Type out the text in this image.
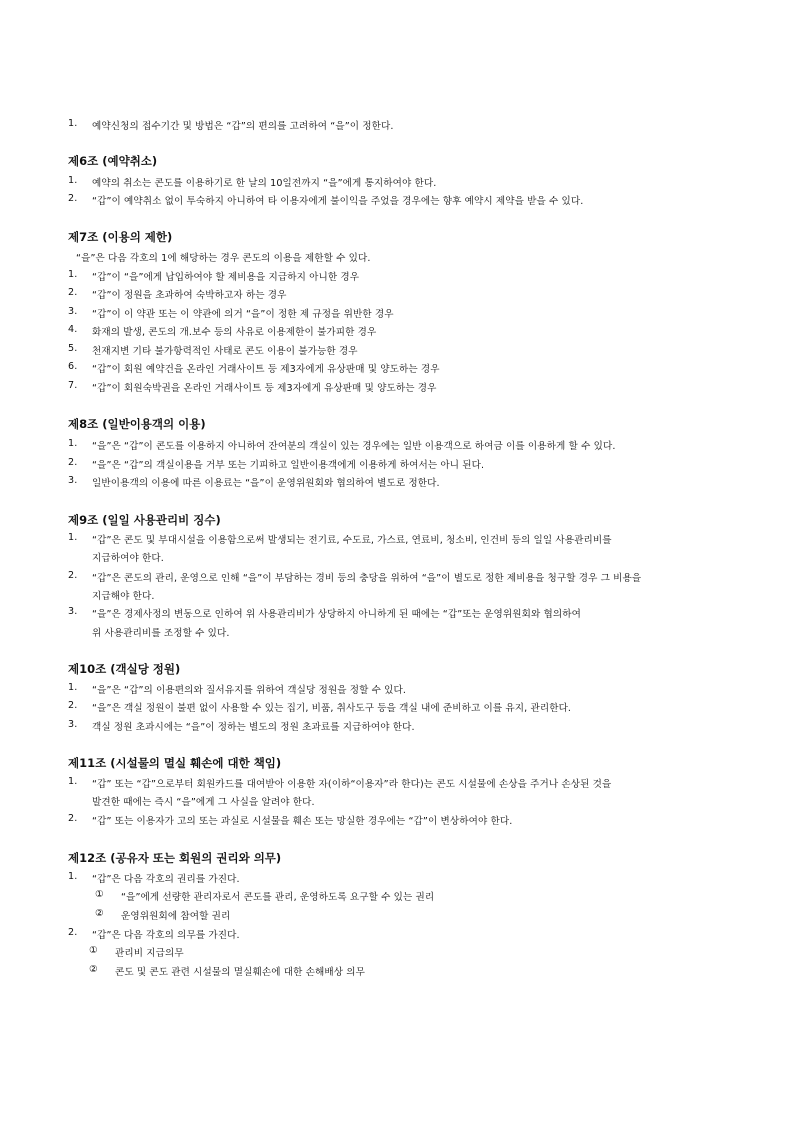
1. 예약신청의 접수기간 및 방법은 “갑”의 편의를 고려하여 “을”이 정한다.
제6조 (예약취소)
1. 예약의 취소는 콘도를 이용하기로 한 날의 10일전까지 “을”에게 통지하여야 한다.
2. “갑”이 예약취소 없이 투숙하지 아니하여 타 이용자에게 불이익을 주었을 경우에는 향후 예약시 제약을 받을 수 있다.
제7조 (이용의 제한)
“을”은 다음 각호의 1에 해당하는 경우 콘도의 이용을 제한할 수 있다.
1. “갑”이 “을”에게 납입하여야 할 제비용을 지급하지 아니한 경우
2. “갑”이 정원을 초과하여 숙박하고자 하는 경우
3. “갑”이 이 약관 또는 이 약관에 의거 “을”이 정한 제 규정을 위반한 경우
4. 화재의 발생, 콘도의 개.보수 등의 사유로 이용제한이 불가피한 경우
5. 천재지변 기타 불가항력적인 사태로 콘도 이용이 불가능한 경우
6. “갑”이 회원 예약건을 온라인 거래사이트 등 제3자에게 유상판매 및 양도하는 경우
7. “갑”이 회원숙박권을 온라인 거래사이트 등 제3자에게 유상판매 및 양도하는 경우
제8조 (일반이용객의 이용)
1. “을”은 “갑”이 콘도를 이용하지 아니하여 잔여분의 객실이 있는 경우에는 일반 이용객으로 하여금 이를 이용하게 할 수 있다.
2. “을”은 “갑”의 객실이용을 거부 또는 기피하고 일반이용객에게 이용하게 하여서는 아니 된다.
3. 일반이용객의 이용에 따른 이용료는 “을”이 운영위원회와 협의하여 별도로 정한다.
제9조 (일일 사용관리비 징수)
1. “갑”은 콘도 및 부대시설을 이용함으로써 발생되는 전기료, 수도료, 가스료, 연료비, 청소비, 인건비 등의 일일 사용관리비를
지급하여야 한다.
2. “갑”은 콘도의 관리, 운영으로 인해 “을”이 부담하는 경비 등의 충당을 위하여 “을”이 별도로 정한 제비용을 청구할 경우 그 비용을
지급해야 한다.
3. “을”은 경제사정의 변동으로 인하여 위 사용관리비가 상당하지 아니하게 된 때에는 “갑”또는 운영위원회와 협의하여
위 사용관리비를 조정할 수 있다.
제10조 (객실당 정원)
1. “을”은 “갑”의 이용편의와 질서유지를 위하여 객실당 정원을 정할 수 있다.
2. “을”은 객실 정원이 불편 없이 사용할 수 있는 집기, 비품, 취사도구 등을 객실 내에 준비하고 이를 유지, 관리한다.
3. 객실 정원 초과시에는 “을”이 정하는 별도의 정원 초과료를 지급하여야 한다.
제11조 (시설물의 멸실 훼손에 대한 책임)
1. “갑” 또는 “갑”으로부터 회원카드를 대여받아 이용한 자(이하“이용자”라 한다)는 콘도 시설물에 손상을 주거나 손상된 것을
발견한 때에는 즉시 “을”에게 그 사실을 알려야 한다.
2. “갑” 또는 이용자가 고의 또는 과실로 시설물을 훼손 또는 망실한 경우에는 “갑”이 변상하여야 한다.
제12조 (공유자 또는 회원의 권리와 의무)
1. “갑”은 다음 각호의 권리를 가진다.
① “을”에게 선량한 관리자로서 콘도를 관리, 운영하도록 요구할 수 있는 권리
② 운영위원회에 참여할 권리
2. “갑”은 다음 각호의 의무를 가진다.
① 관리비 지급의무
② 콘도 및 콘도 관련 시설물의 멸실훼손에 대한 손해배상 의무
